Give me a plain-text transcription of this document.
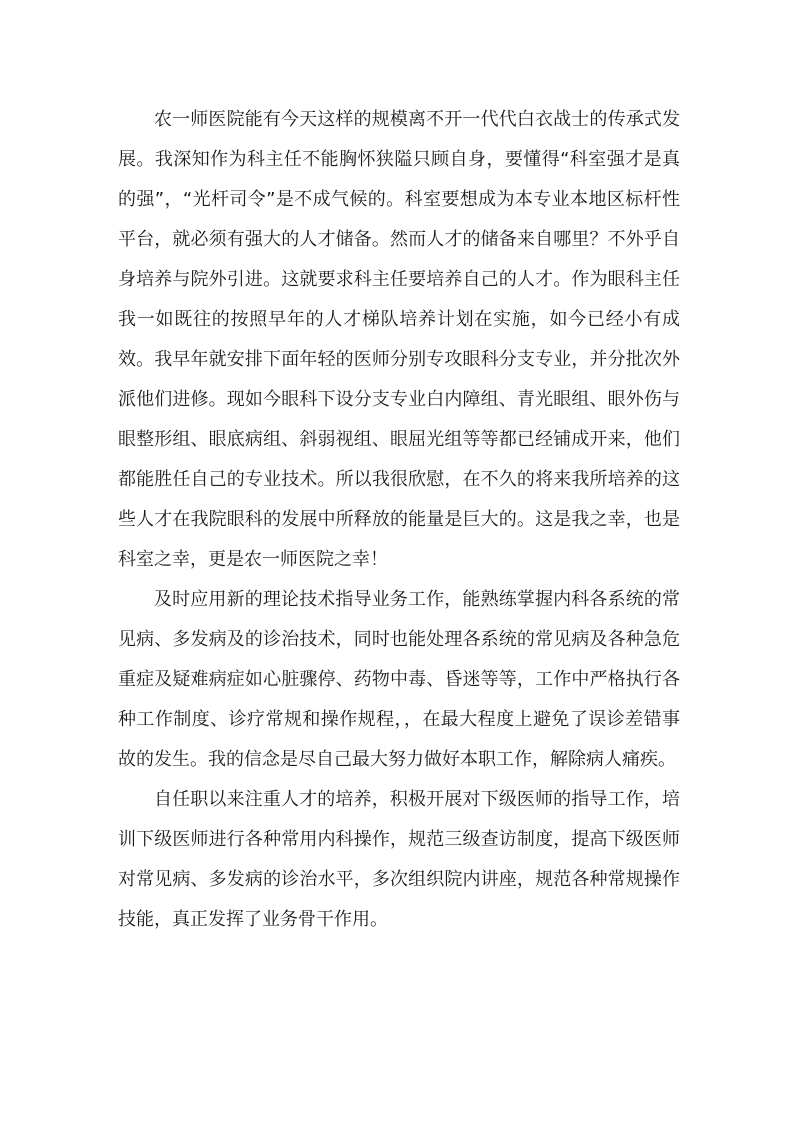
农一师医院能有今天这样的规模离不开一代代白衣战士的传承式发展。我深知作为科主任不能胸怀狭隘只顾自身，要懂得“科室强才是真的强”，“光杆司令”是不成气候的。科室要想成为本专业本地区标杆性平台，就必须有强大的人才储备。然而人才的储备来自哪里？不外乎自身培养与院外引进。这就要求科主任要培养自己的人才。作为眼科主任我一如既往的按照早年的人才梯队培养计划在实施，如今已经小有成效。我早年就安排下面年轻的医师分别专攻眼科分支专业，并分批次外派他们进修。现如今眼科下设分支专业白内障组、青光眼组、眼外伤与眼整形组、眼底病组、斜弱视组、眼屈光组等等都已经铺成开来，他们都能胜任自己的专业技术。所以我很欣慰，在不久的将来我所培养的这些人才在我院眼科的发展中所释放的能量是巨大的。这是我之幸，也是科室之幸，更是农一师医院之幸！

及时应用新的理论技术指导业务工作，能熟练掌握内科各系统的常见病、多发病及的诊治技术，同时也能处理各系统的常见病及各种急危重症及疑难病症如心脏骤停、药物中毒、昏迷等等，工作中严格执行各种工作制度、诊疗常规和操作规程，，在最大程度上避免了误诊差错事故的发生。我的信念是尽自己最大努力做好本职工作，解除病人痛疾。

自任职以来注重人才的培养，积极开展对下级医师的指导工作，培训下级医师进行各种常用内科操作，规范三级查访制度，提高下级医师对常见病、多发病的诊治水平，多次组织院内讲座，规范各种常规操作技能，真正发挥了业务骨干作用。
